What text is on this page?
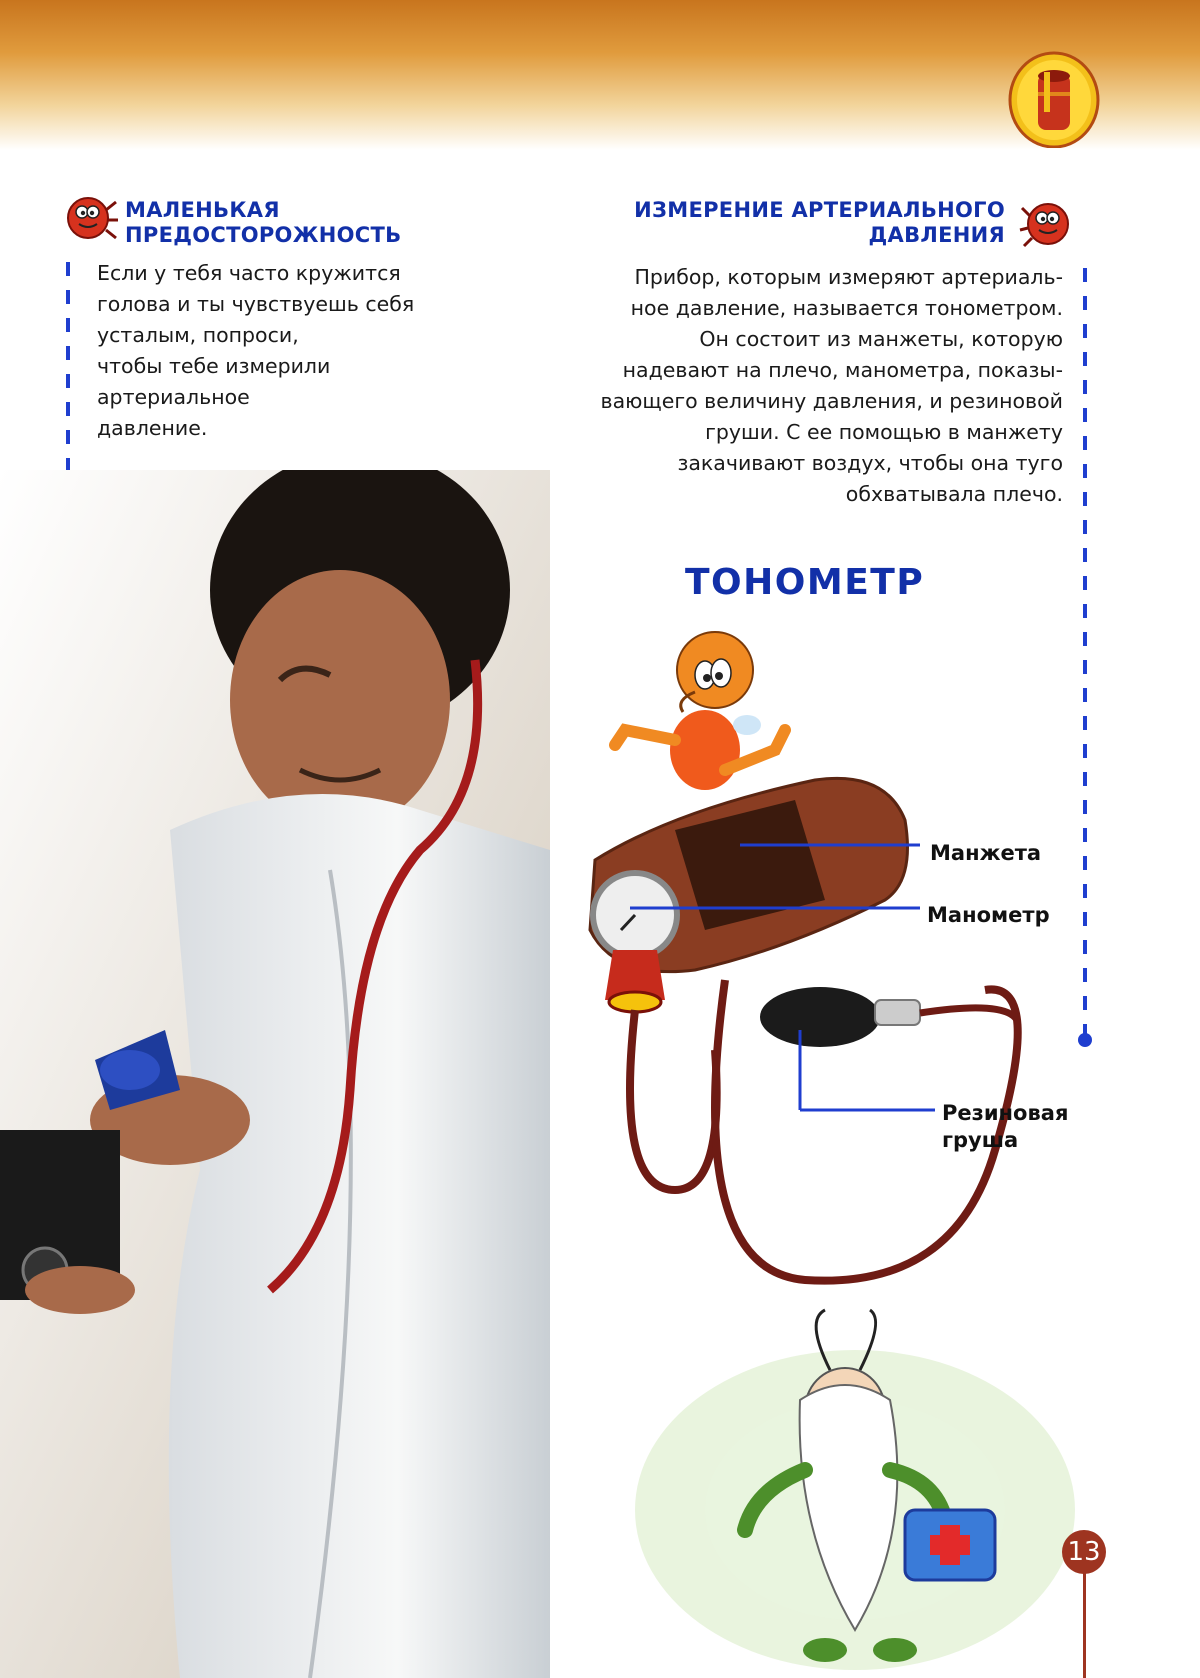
МАЛЕНЬКАЯ
ПРЕДОСТОРОЖНОСТЬ
ИЗМЕРЕНИЕ АРТЕРИАЛЬНОГО
ДАВЛЕНИЯ
Если у тебя часто кружится
голова и ты чувствуешь себя
усталым, попроси,
чтобы тебе измерили
артериальное
давление.
Прибор, которым измеряют артериаль-
ное давление, называется тонометром.
Он состоит из манжеты, которую
надевают на плечо, манометра, показы-
вающего величину давления, и резиновой
груши. С ее помощью в манжету
закачивают воздух, чтобы она туго
обхватывала плечо.
ТОНОМЕТР
Манжета
Манометр
Резиновая
груша
13
